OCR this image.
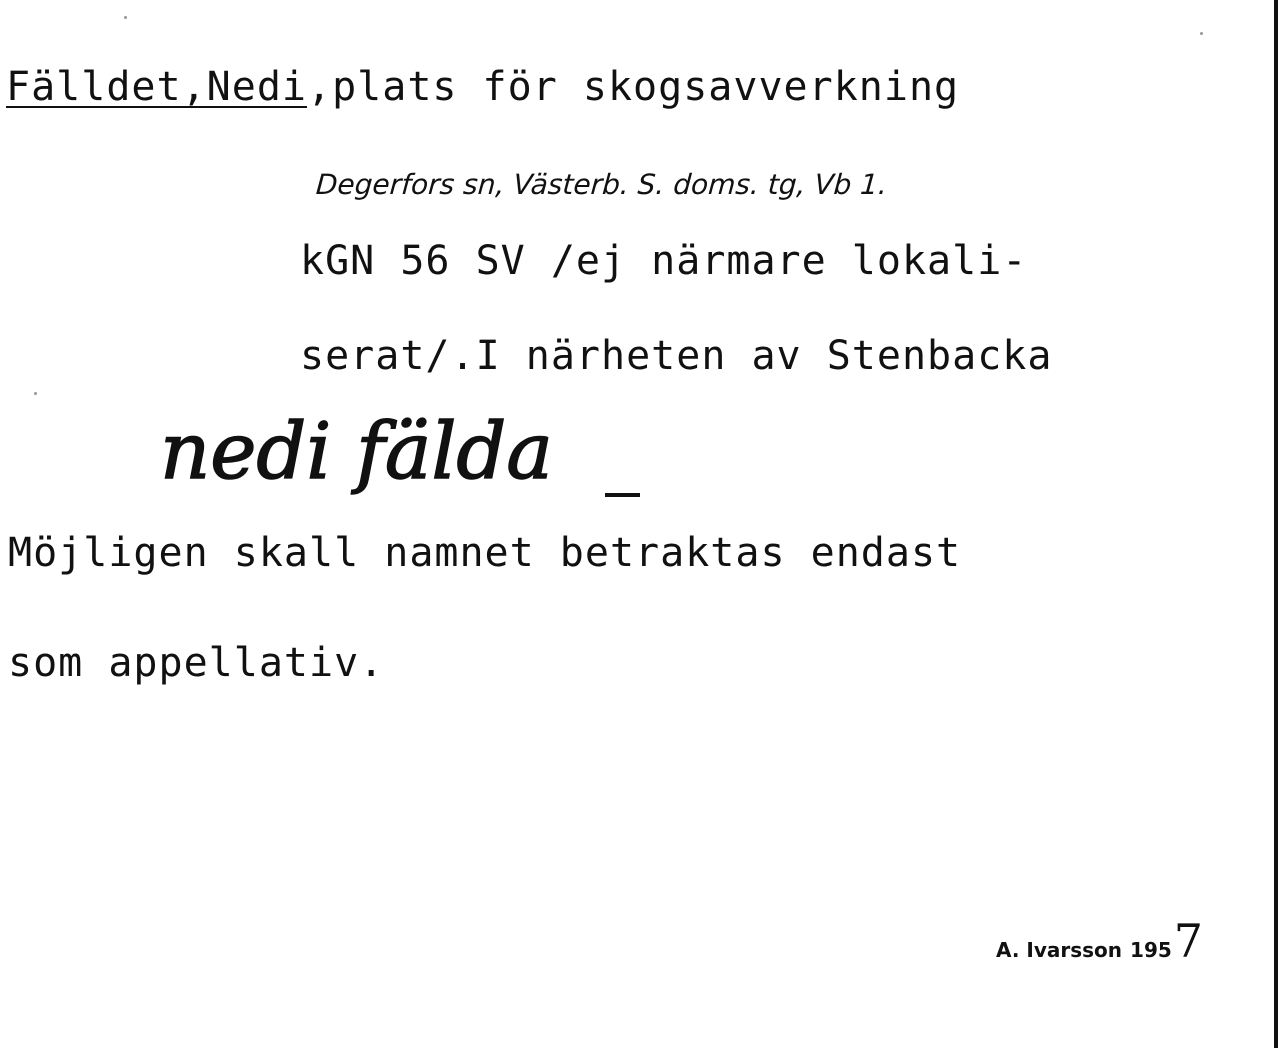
Fälldet,Nedi,plats för skogsavverkning
Degerfors sn, Västerb. S. doms. tg, Vb 1.
kGN 56 SV /ej närmare lokali-
serat/.I närheten av Stenbacka
nedi fälda
Möjligen skall namnet betraktas endast
som appellativ.
A. Ivarsson 195 7
